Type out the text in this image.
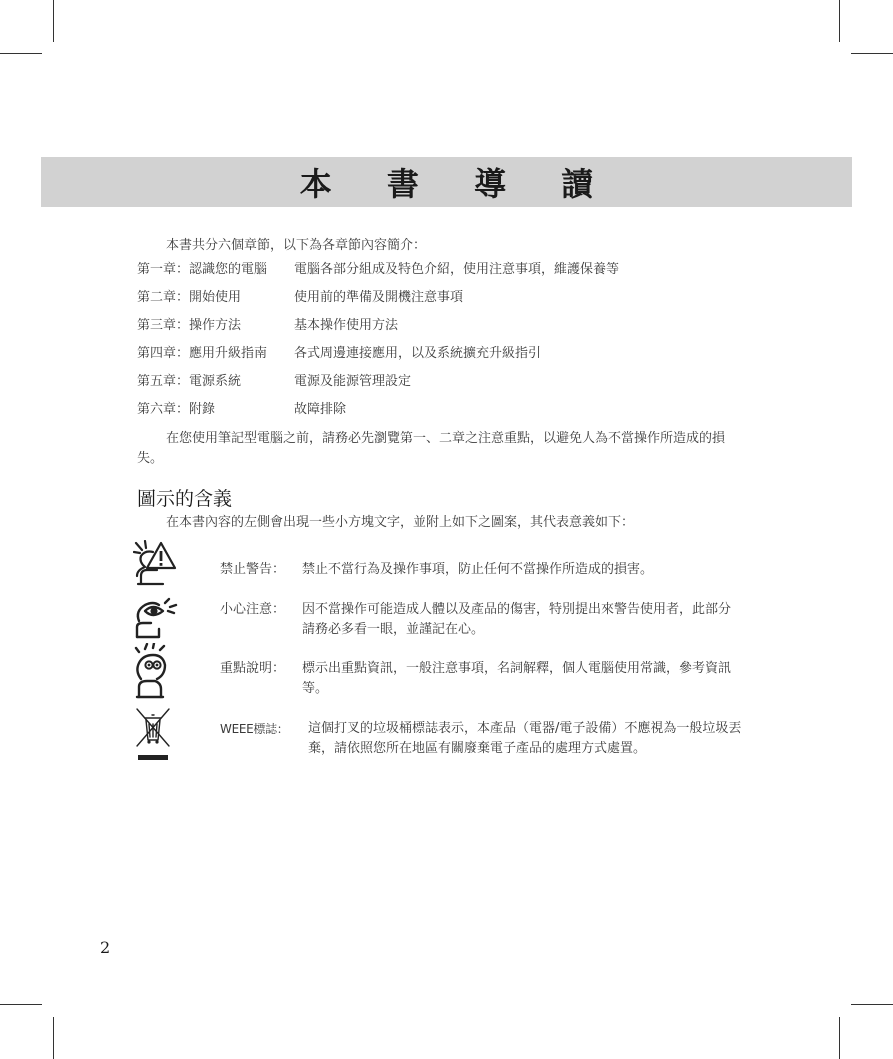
本 書 導 讀
本書共分六個章節，以下為各章節內容簡介：
第一章：認識您的電腦 電腦各部分組成及特色介紹，使用注意事項，維護保養等
第二章：開始使用	使用前的準備及開機注意事項
第三章：操作方法	基本操作使用方法
第四章：應用升級指南 各式周邊連接應用，以及系統擴充升級指引
第五章：電源系統	電源及能源管理設定
第六章：附錄	故障排除
在您使用筆記型電腦之前，請務必先瀏覽第一、二章之注意重點，以避免人為不當操作所造成的損失。
圖示的含義
在本書內容的左側會出現一些小方塊文字，並附上如下之圖案，其代表意義如下：
禁止警告： 禁止不當行為及操作事項，防止任何不當操作所造成的損害。
小心注意： 因不當操作可能造成人體以及產品的傷害，特別提出來警告使用者，此部分請務必多看一眼，並謹記在心。
重點說明： 標示出重點資訊，一般注意事項，名詞解釋，個人電腦使用常識，參考資訊等。
WEEE標誌： 這個打叉的垃圾桶標誌表示，本產品（電器/電子設備）不應視為一般垃圾丟棄，請依照您所在地區有關廢棄電子產品的處理方式處置。
2
